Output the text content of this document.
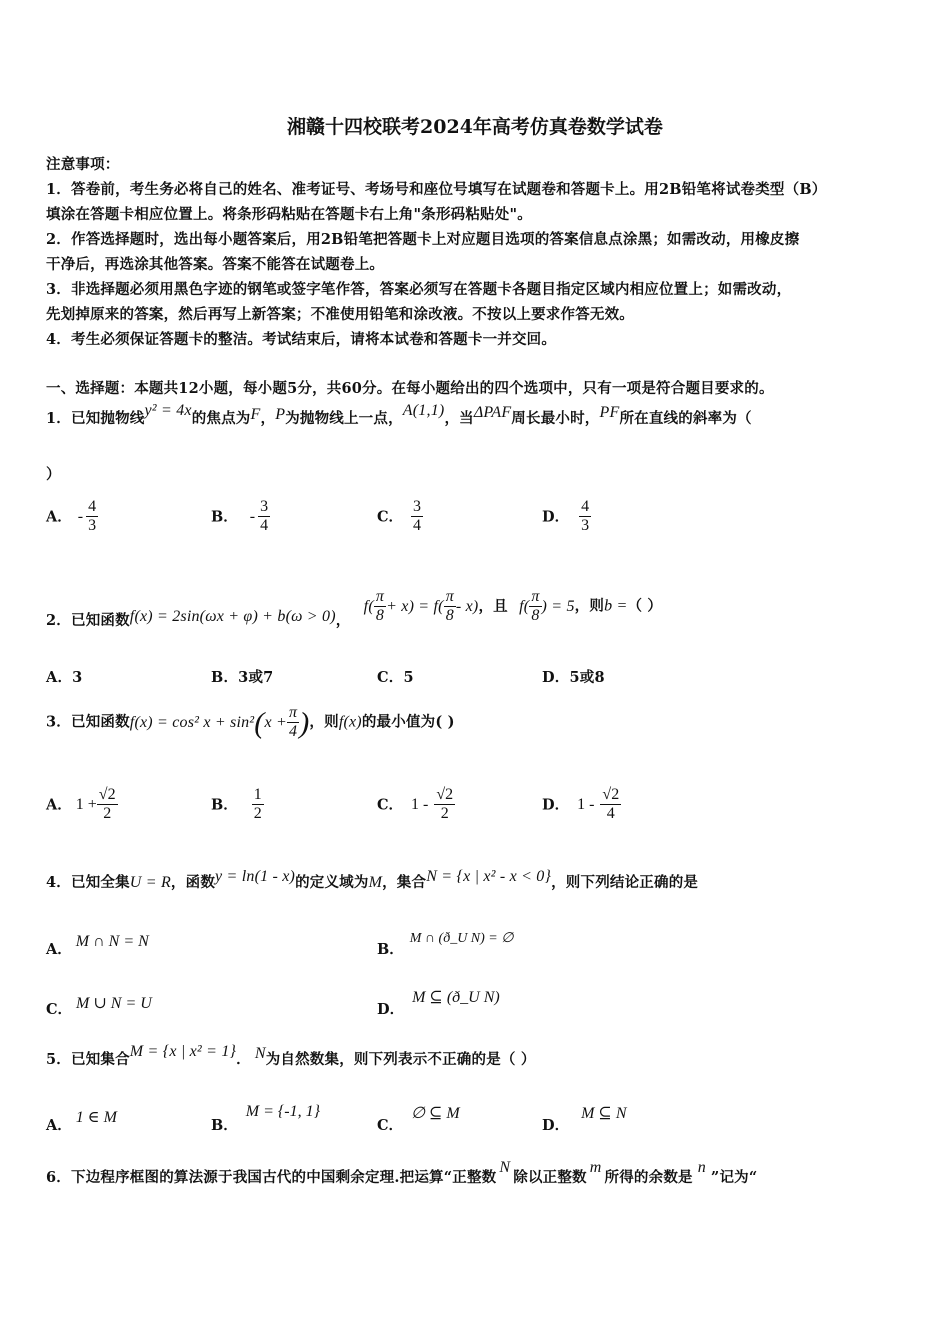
湘赣十四校联考2024年高考仿真卷数学试卷
注意事项：
1．答卷前，考生务必将自己的姓名、准考证号、考场号和座位号填写在试题卷和答题卡上。用2B铅笔将试卷类型（B）
填涂在答题卡相应位置上。将条形码粘贴在答题卡右上角"条形码粘贴处"。
2．作答选择题时，选出每小题答案后，用2B铅笔把答题卡上对应题目选项的答案信息点涂黑；如需改动，用橡皮擦
干净后，再选涂其他答案。答案不能答在试题卷上。
3．非选择题必须用黑色字迹的钢笔或签字笔作答，答案必须写在答题卡各题目指定区域内相应位置上；如需改动，
先划掉原来的答案，然后再写上新答案；不准使用铅笔和涂改液。不按以上要求作答无效。
4．考生必须保证答题卡的整洁。考试结束后，请将本试卷和答题卡一并交回。
一、选择题：本题共12小题，每小题5分，共60分。在每小题给出的四个选项中，只有一项是符合题目要求的。
1．已知抛物线y² = 4x的焦点为F，P为抛物线上一点，A(1,1)，当ΔPAF周长最小时，PF所在直线的斜率为（
）
A． - $\frac{4}{3}$	B． - $\frac{3}{4}$	C． $\frac{3}{4}$	D． $\frac{4}{3}$
2．已知函数f(x) = 2sin(ωx + φ) + b(ω > 0)， $f( \frac{\pi}{8} + x) = f( \frac{\pi}{8} - x)$，且 $f( \frac{\pi}{8}$ ) = 5，则b =（ ）
A．3	B．3或7	C．5	D．5或8
3．已知函数f(x) = cos² $x + \sin^2(x + \frac{\pi}{4}$ )，则f(x)的最小值为( )
A． $1 + \frac{√2}{2}$	B． $\frac{1}{2}$	C． $1 - \frac{√2}{2}$	D． $1 - \frac{√2}{4}$
4．已知全集U = R，函数y = ln(1 - x)的定义域为M，集合N = {x | x² - x < 0}，则下列结论正确的是
A． M ∩ N = N	B．M ∩ (ð_U N) = ∅
C． M ∪ N = U	D．M ⊆ (ð_U N)
5．已知集合M = {x | x² = 1}． N为自然数集，则下列表示不正确的是（ ）
A． 1 ∈ M	B．M = {-1, 1}
C．∅ ⊆ M
D．M ⊆ N
6．下边程序框图的算法源于我国古代的中国剩余定理.把运算“正整数N除以正整数m所得的余数是n”记为“
